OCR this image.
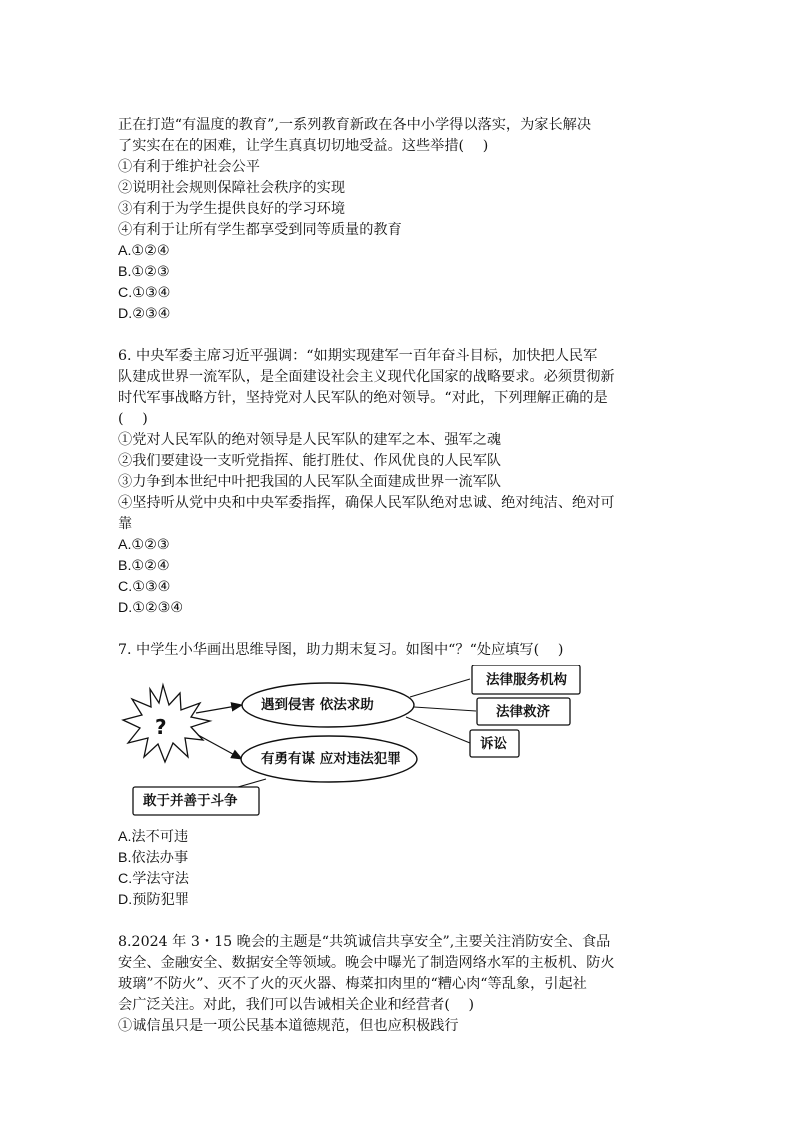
正在打造“有温度的教育”,一系列教育新政在各中小学得以落实，为家长解决

了实实在在的困难，让学生真真切切地受益。这些举措(　 )

①有利于维护社会公平

②说明社会规则保障社会秩序的实现

③有利于为学生提供良好的学习环境

④有利于让所有学生都享受到同等质量的教育

A.①②④

B.①②③

C.①③④

D.②③④

6. 中央军委主席习近平强调：“如期实现建军一百年奋斗目标，加快把人民军

队建成世界一流军队，是全面建设社会主义现代化国家的战略要求。必须贯彻新

时代军事战略方针，坚持党对人民军队的绝对领导。“对此，下列理解正确的是

(　 )

①党对人民军队的绝对领导是人民军队的建军之本、强军之魂

②我们要建设一支听党指挥、能打胜仗、作风优良的人民军队

③力争到本世纪中叶把我国的人民军队全面建成世界一流军队

④坚持听从党中央和中央军委指挥，确保人民军队绝对忠诚、绝对纯洁、绝对可

靠

A.①②③

B.①②④

C.①③④

D.①②③④

7. 中学生小华画出思维导图，助力期末复习。如图中“？“处应填写(　 )

?
遇到侵害 依法求助
有勇有谋 应对违法犯罪
法律服务机构
法律救济
诉讼
敢于并善于斗争

A.法不可违

B.依法办事

C.学法守法

D.预防犯罪

8.2024 年 3・15 晚会的主题是“共筑诚信共享安全”,主要关注消防安全、食品

安全、金融安全、数据安全等领域。晚会中曝光了制造网络水军的主板机、防火

玻璃”不防火”、灭不了火的灭火器、梅菜扣肉里的“糟心肉“等乱象，引起社

会广泛关注。对此，我们可以告诫相关企业和经营者(　 )

①诚信虽只是一项公民基本道德规范，但也应积极践行
